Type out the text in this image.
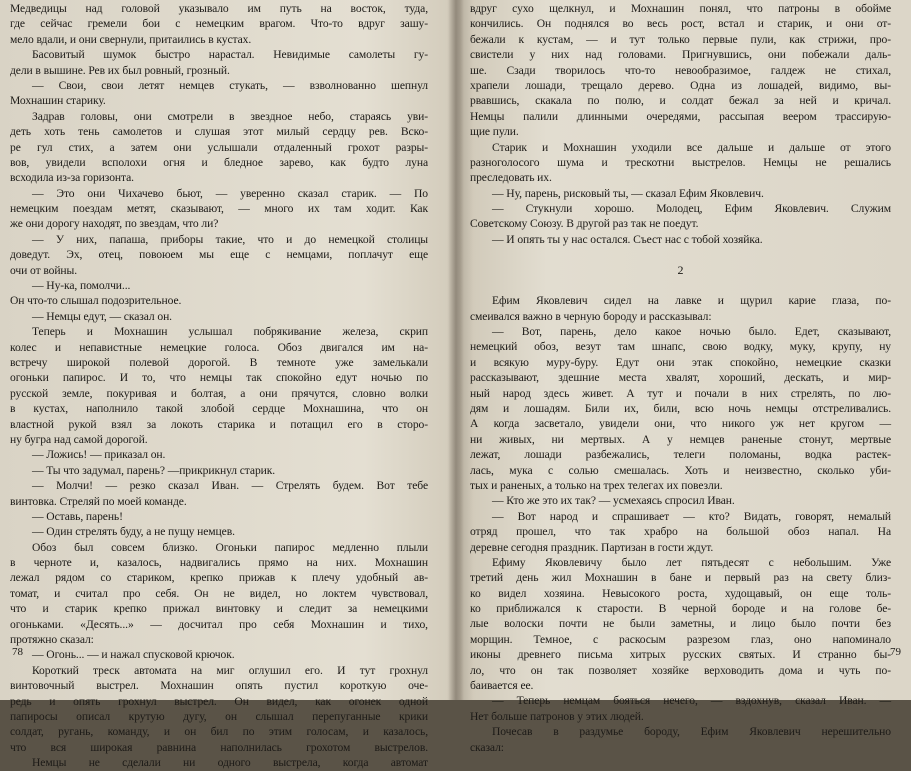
Медведицы над головой указывало им путь на восток, туда,
где сейчас гремели бои с немецким врагом. Что-то вдруг зашу-
мело вдали, и они свернули, притаились в кустах.
Басовитый шумок быстро нарастал. Невидимые самолеты гу-
дели в вышине. Рев их был ровный, грозный.
— Свои, свои летят немцев стукать, — взволнованно шепнул
Мохнашин старику.
Задрав головы, они смотрели в звездное небо, стараясь уви-
деть хоть тень самолетов и слушая этот милый сердцу рев. Вско-
ре гул стих, а затем они услышали отдаленный грохот разры-
вов, увидели всполохи огня и бледное зарево, как будто луна
всходила из-за горизонта.
— Это они Чихачево бьют, — уверенно сказал старик. — По
немецким поездам метят, сказывают, — много их там ходит. Как
же они дорогу находят, по звездам, что ли?
— У них, папаша, приборы такие, что и до немецкой столицы
доведут. Эх, отец, повоюем мы еще с немцами, поплачут еще
очи от войны.
— Ну-ка, помолчи...
Он что-то слышал подозрительное.
— Немцы едут, — сказал он.
Теперь и Мохнашин услышал побрякивание железа, скрип
колес и непавистные немецкие голоса. Обоз двигался им на-
встречу широкой полевой дорогой. В темноте уже замелькали
огоньки папирос. И то, что немцы так спокойно едут ночью по
русской земле, покуривая и болтая, а они прячутся, словно волки
в кустах, наполнило такой злобой сердце Мохнашина, что он
властной рукой взял за локоть старика и потащил его в сторо-
ну бугра над самой дорогой.
— Ложись! — приказал он.
— Ты что задумал, парень? —прикрикнул старик.
— Молчи! — резко сказал Иван. — Стрелять будем. Вот тебе
винтовка. Стреляй по моей команде.
— Оставь, парень!
— Один стрелять буду, а не пущу немцев.
Обоз был совсем близко. Огоньки папирос медленно плыли
в черноте и, казалось, надвигались прямо на них. Мохнашин
лежал рядом со стариком, крепко прижав к плечу удобный ав-
томат, и считал про себя. Он не видел, но локтем чувствовал,
что и старик крепко прижал винтовку и следит за немецкими
огоньками. «Десять...» — досчитал про себя Мохнашин и тихо,
протяжно сказал:
— Огонь... — и нажал спусковой крючок.
Короткий треск автомата на миг оглушил его. И тут грохнул
винтовочный выстрел. Мохнашин опять пустил короткую оче-
редь и опять грохнул выстрел. Он видел, как огонек одной
папиросы описал крутую дугу, он слышал перепуганные крики
солдат, ругань, команду, и он бил по этим голосам, и казалось,
что вся широкая равнина наполнилась грохотом выстрелов.
Немцы не сделали ни одного выстрела, когда автомат
78
вдруг сухо щелкнул, и Мохнашин понял, что патроны в обойме
кончились. Он поднялся во весь рост, встал и старик, и они от-
бежали к кустам, — и тут только первые пули, как стрижи, про-
свистели у них над головами. Пригнувшись, они побежали даль-
ше. Сзади творилось что-то невообразимое, галдеж не стихал,
храпели лошади, трещало дерево. Одна из лошадей, видимо, вы-
рвавшись, скакала по полю, и солдат бежал за ней и кричал.
Немцы палили длинными очередями, рассыпая веером трассирую-
щие пули.
Старик и Мохнашин уходили все дальше и дальше от этого
разноголосого шума и трескотни выстрелов. Немцы не решались
преследовать их.
— Ну, парень, рисковый ты, — сказал Ефим Яковлевич.
— Стукнули хорошо. Молодец, Ефим Яковлевич. Служим
Советскому Союзу. В другой раз так не поедут.
— И опять ты у нас остался. Съест нас с тобой хозяйка.
2
Ефим Яковлевич сидел на лавке и щурил карие глаза, по-
смеивался важно в черную бороду и рассказывал:
— Вот, парень, дело какое ночью было. Едет, сказывают,
немецкий обоз, везут там шнапс, свою водку, муку, крупу, ну
и всякую муру-буру. Едут они этак спокойно, немецкие сказки
рассказывают, здешние места хвалят, хороший, дескать, и мир-
ный народ здесь живет. А тут и почали в них стрелять, по лю-
дям и лошадям. Били их, били, всю ночь немцы отстреливались.
А когда засветало, увидели они, что никого уж нет кругом —
ни живых, ни мертвых. А у немцев раненые стонут, мертвые
лежат, лошади разбежались, телеги поломаны, водка растек-
лась, мука с солью смешалась. Хоть и неизвестно, сколько уби-
тых и раненых, а только на трех телегах их повезли.
— Кто же это их так? — усмехаясь спросил Иван.
— Вот народ и спрашивает — кто? Видать, говорят, немалый
отряд прошел, что так храбро на большой обоз напал. На
деревне сегодня праздник. Партизан в гости ждут.
Ефиму Яковлевичу было лет пятьдесят с небольшим. Уже
третий день жил Мохнашин в бане и первый раз на свету близ-
ко видел хозяина. Невысокого роста, худощавый, он еще толь-
ко приближался к старости. В черной бороде и на голове бе-
лые волоски почти не были заметны, и лицо было почти без
морщин. Темное, с раскосым разрезом глаз, оно напоминало
иконы древнего письма хитрых русских святых. И странно бы-
ло, что он так позволяет хозяйке верховодить дома и чуть по-
баивается ее.
— Теперь немцам бояться нечего, — вздохнув, сказал Иван. —
Нет больше патронов у этих людей.
Почесав в раздумье бороду, Ефим Яковлевич нерешительно
сказал:
79
